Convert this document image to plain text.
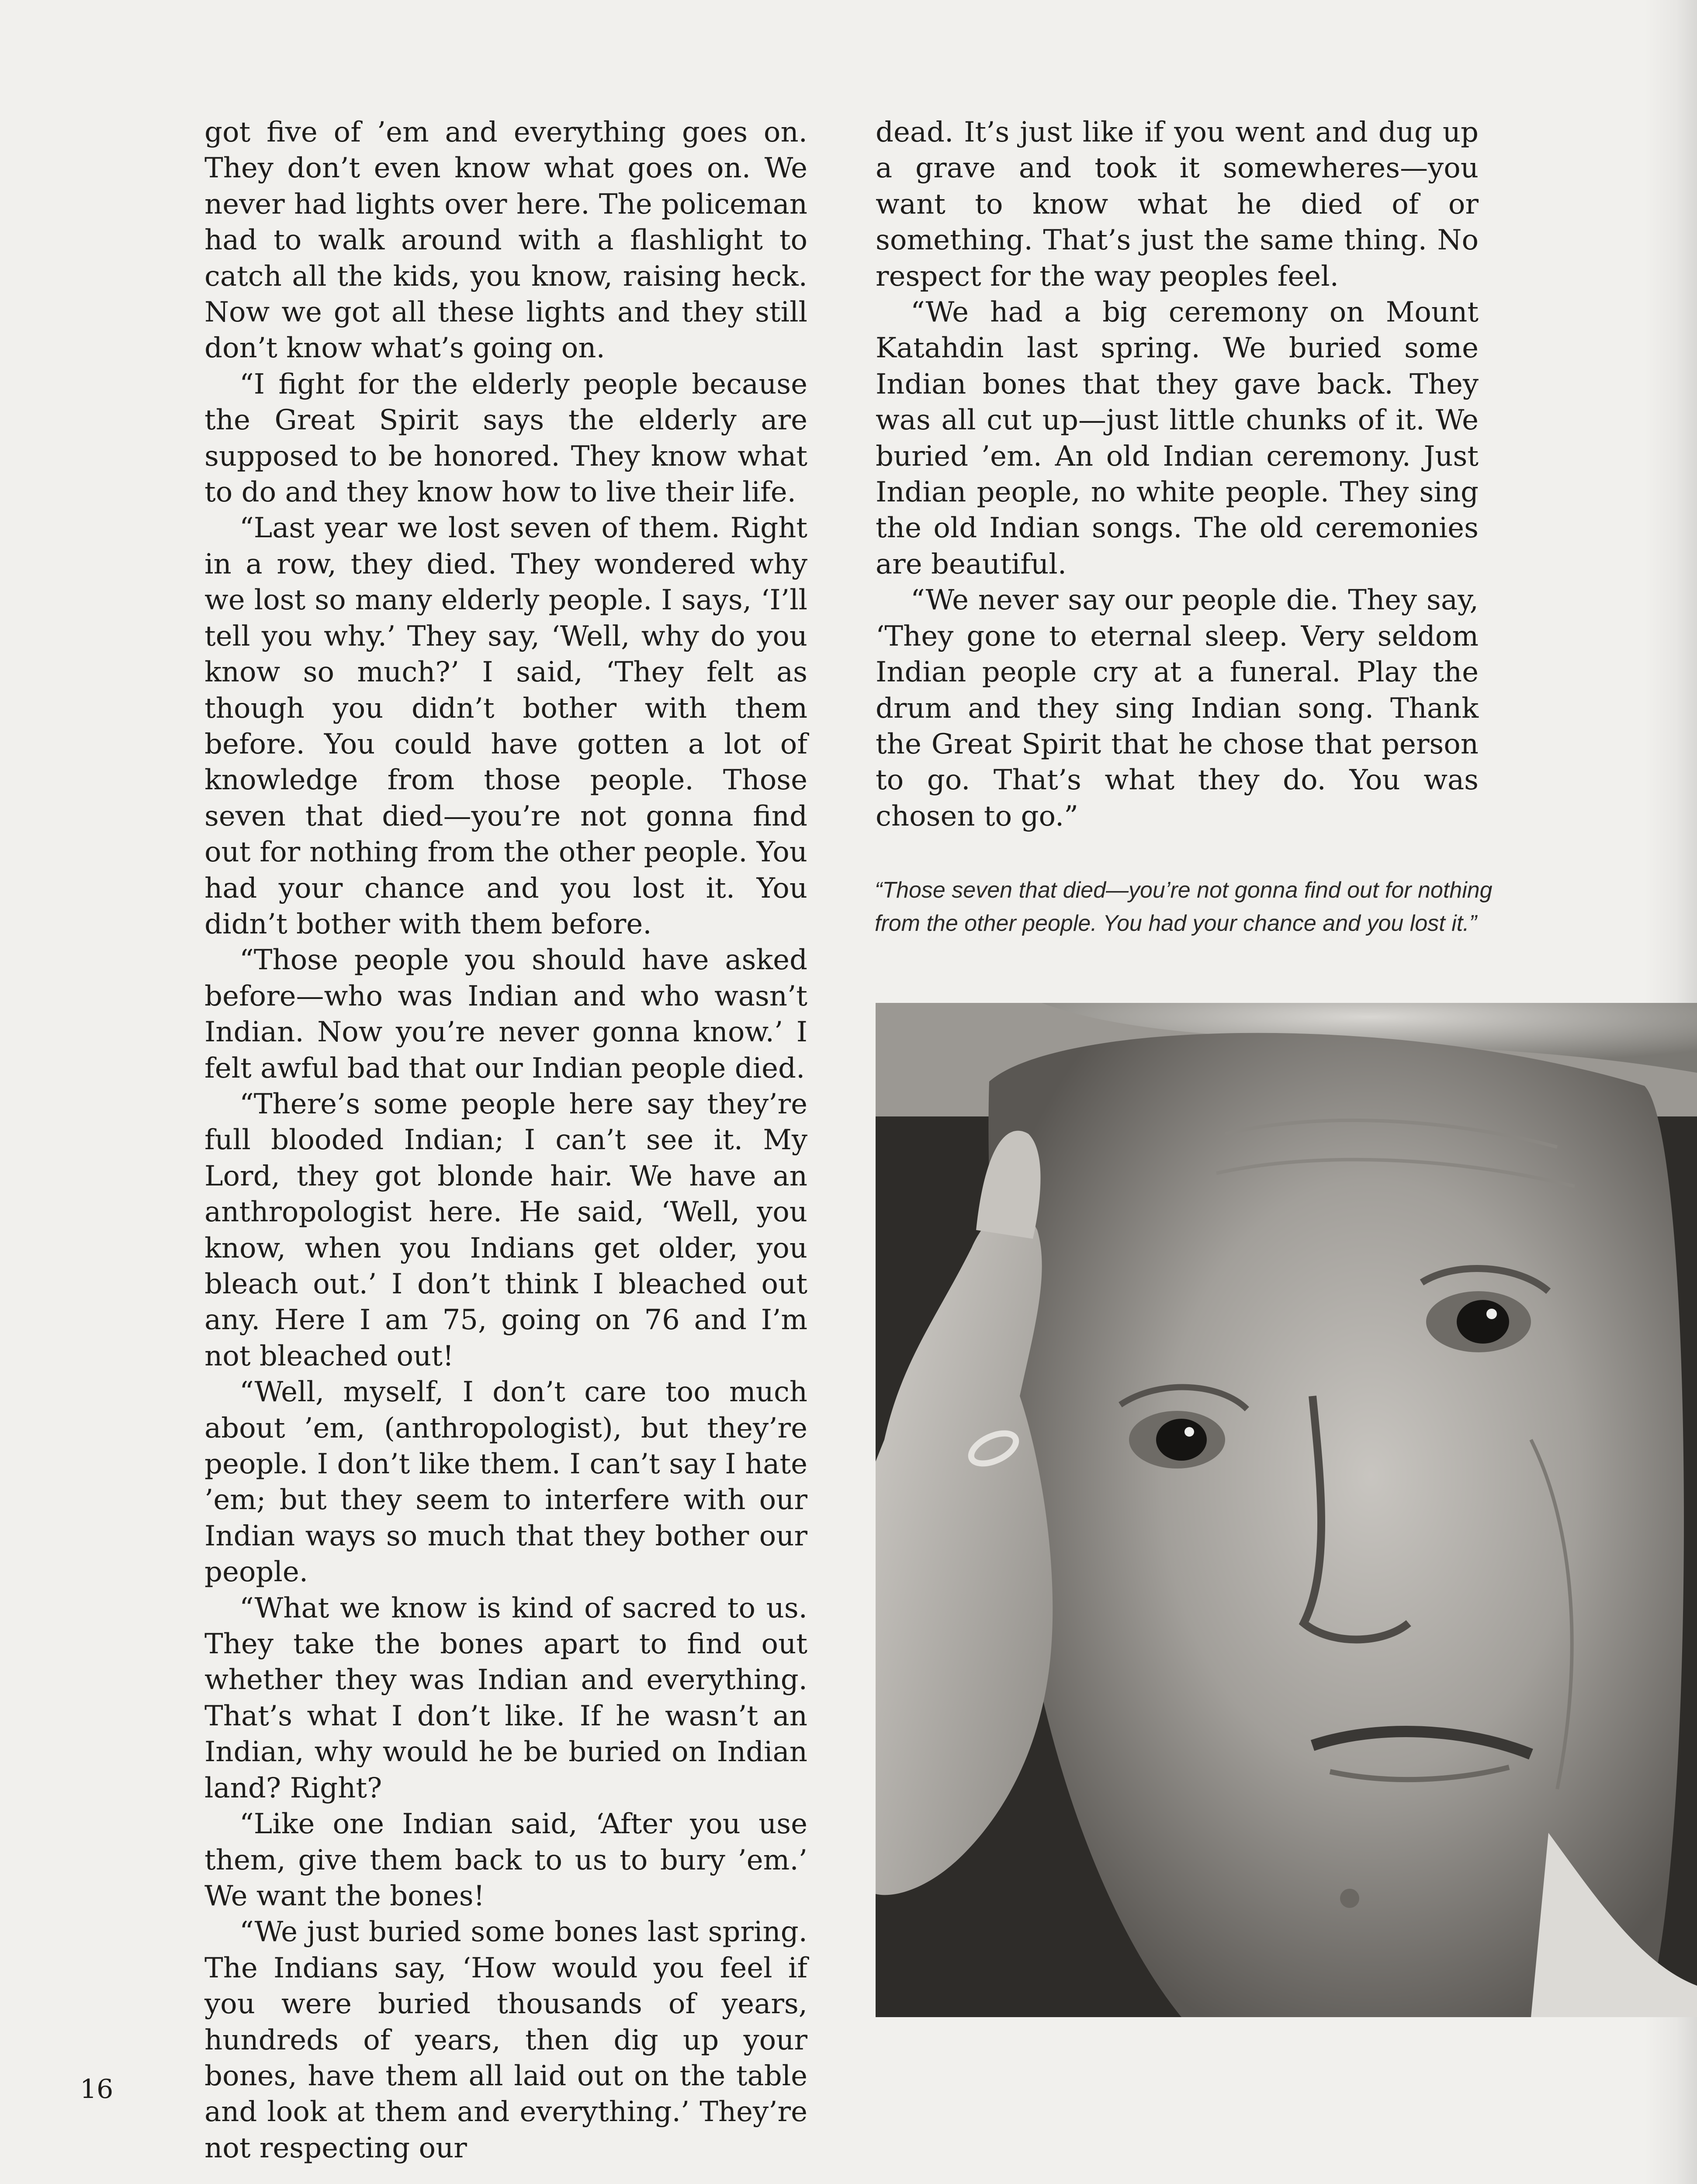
got five of ’em and everything goes on. They don’t even know what goes on. We never had lights over here. The policeman had to walk around with a flashlight to catch all the kids, you know, raising heck. Now we got all these lights and they still don’t know what’s going on.

“I fight for the elderly people because the Great Spirit says the elderly are supposed to be honored. They know what to do and they know how to live their life.

“Last year we lost seven of them. Right in a row, they died. They wondered why we lost so many elderly people. I says, ‘I’ll tell you why.’ They say, ‘Well, why do you know so much?’ I said, ‘They felt as though you didn’t bother with them before. You could have gotten a lot of knowledge from those people. Those seven that died—you’re not gonna find out for nothing from the other people. You had your chance and you lost it. You didn’t bother with them before.

“Those people you should have asked before—who was Indian and who wasn’t Indian. Now you’re never gonna know.’ I felt awful bad that our Indian people died.

“There’s some people here say they’re full blooded Indian; I can’t see it. My Lord, they got blonde hair. We have an anthropologist here. He said, ‘Well, you know, when you Indians get older, you bleach out.’ I don’t think I bleached out any. Here I am 75, going on 76 and I’m not bleached out!

“Well, myself, I don’t care too much about ’em, (anthropologist), but they’re people. I don’t like them. I can’t say I hate ’em; but they seem to interfere with our Indian ways so much that they bother our people.

“What we know is kind of sacred to us. They take the bones apart to find out whether they was Indian and everything. That’s what I don’t like. If he wasn’t an Indian, why would he be buried on Indian land? Right?

“Like one Indian said, ‘After you use them, give them back to us to bury ’em.’ We want the bones!

“We just buried some bones last spring. The Indians say, ‘How would you feel if you were buried thousands of years, hundreds of years, then dig up your bones, have them all laid out on the table and look at them and everything.’ They’re not respecting our

dead. It’s just like if you went and dug up a grave and took it somewheres—you want to know what he died of or something. That’s just the same thing. No respect for the way peoples feel.

“We had a big ceremony on Mount Katahdin last spring. We buried some Indian bones that they gave back. They was all cut up—just little chunks of it. We buried ’em. An old Indian ceremony. Just Indian people, no white people. They sing the old Indian songs. The old ceremonies are beautiful.

“We never say our people die. They say, ‘They gone to eternal sleep. Very seldom Indian people cry at a funeral. Play the drum and they sing Indian song. Thank the Great Spirit that he chose that person to go. That’s what they do. You was chosen to go.”

“Those seven that died—you’re not gonna find out for nothing from the other people. You had your chance and you lost it.”

16
